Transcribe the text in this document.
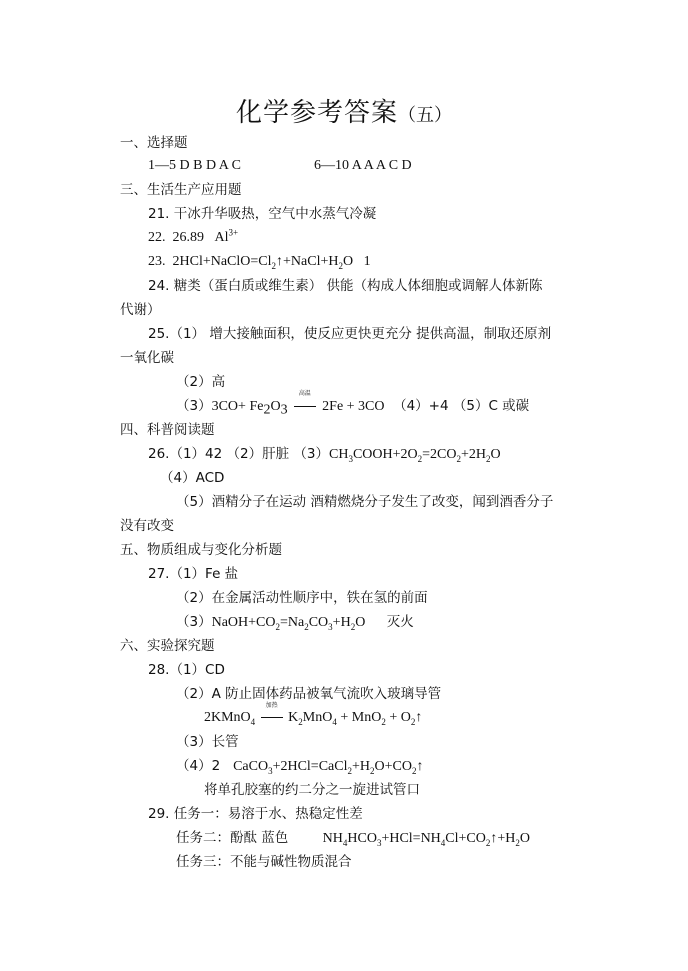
化学参考答案（五）
一、选择题
1—5 D B D A C	6—10 A A A C D
三、生活生产应用题
21. 干冰升华吸热，空气中水蒸气冷凝
22. 26.89 $Al^{3+}$
23. $2HCl+NaClO=Cl_2↑+NaCl+H_2O$ 1
24. 糖类（蛋白质或维生素） 供能（构成人体细胞或调解人体新陈
代谢）
25.（1） 增大接触面积，使反应更快更充分 提供高温，制取还原剂
一氧化碳
（2）高
$(3)3CO+ Fe_2O_3$
高温
2Fe + 3CO （4）+4 （5）C 或碳
四、科普阅读题
26.（1）42 （2）肝脏 $(3)CH_3COOH+2O_2=2CO_2+2H_2O$
（4）ACD
（5）酒精分子在运动 酒精燃烧分子发生了改变，闻到酒香分子
没有改变
五、物质组成与变化分析题
27.（1）Fe 盐
（2）在金属活动性顺序中，铁在氢的前面
$(3)NaOH+CO_2=Na_2CO_3+H_2O$ 灭火
六、实验探究题
28.（1）CD
（2）A 防止固体药品被氧气流吹入玻璃导管
2KMnO$_4$
加热
$K_2MnO_4 + MnO_2$ + $O_2↑$
（3）长管
（4）2 $CaCO_3+2HCl=CaCl_2+H_2O+CO_2↑$
将单孔胶塞的约二分之一旋进试管口
29. 任务一：易溶于水、热稳定性差
任务二：酚酞 蓝色 $NH_4HCO_3+HCl=NH_4Cl+CO_2↑+H_2O$
任务三：不能与碱性物质混合
